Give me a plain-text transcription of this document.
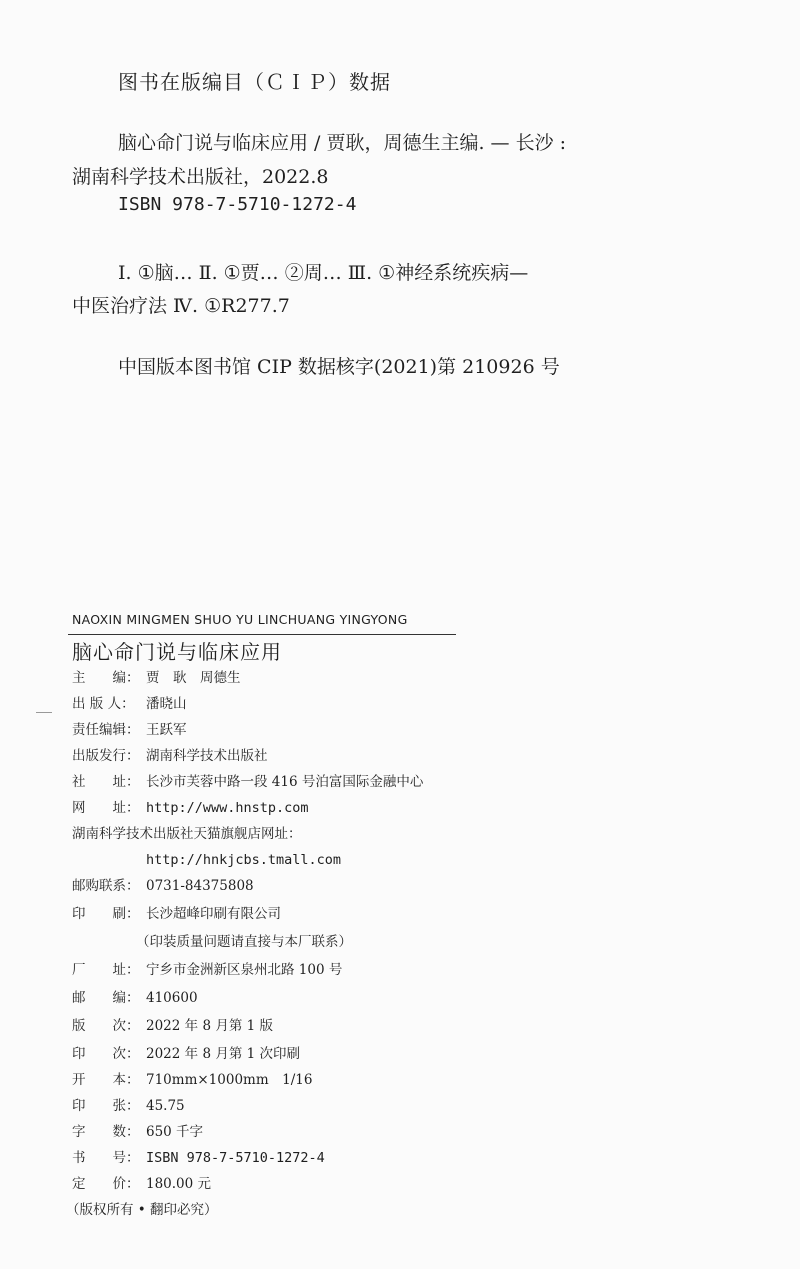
图书在版编目（ＣＩＰ）数据
脑心命门说与临床应用 / 贾耿，周德生主编. — 长沙 :
湖南科学技术出版社，2022.8
ISBN 978-7-5710-1272-4
Ⅰ. ①脑… Ⅱ. ①贾… ②周… Ⅲ. ①神经系统疾病—
中医治疗法 Ⅳ. ①R277.7
中国版本图书馆 CIP 数据核字(2021)第 210926 号
NAOXIN MINGMEN SHUO YU LINCHUANG YINGYONG
脑心命门说与临床应用
主　　编： 贾　耿　周德生
出 版 人： 潘晓山
责任编辑： 王跃军
出版发行： 湖南科学技术出版社
社　　址： 长沙市芙蓉中路一段 416 号泊富国际金融中心
网　　址： http://www.hnstp.com
湖南科学技术出版社天猫旗舰店网址：
http://hnkjcbs.tmall.com
邮购联系： 0731-84375808
印　　刷： 长沙超峰印刷有限公司
（印装质量问题请直接与本厂联系）
厂　　址： 宁乡市金洲新区泉州北路 100 号
邮　　编： 410600
版　　次： 2022 年 8 月第 1 版
印　　次： 2022 年 8 月第 1 次印刷
开　　本： 710mm×1000mm　1/16
印　　张： 45.75
字　　数： 650 千字
书　　号： ISBN 978-7-5710-1272-4
定　　价： 180.00 元
（版权所有 • 翻印必究）
